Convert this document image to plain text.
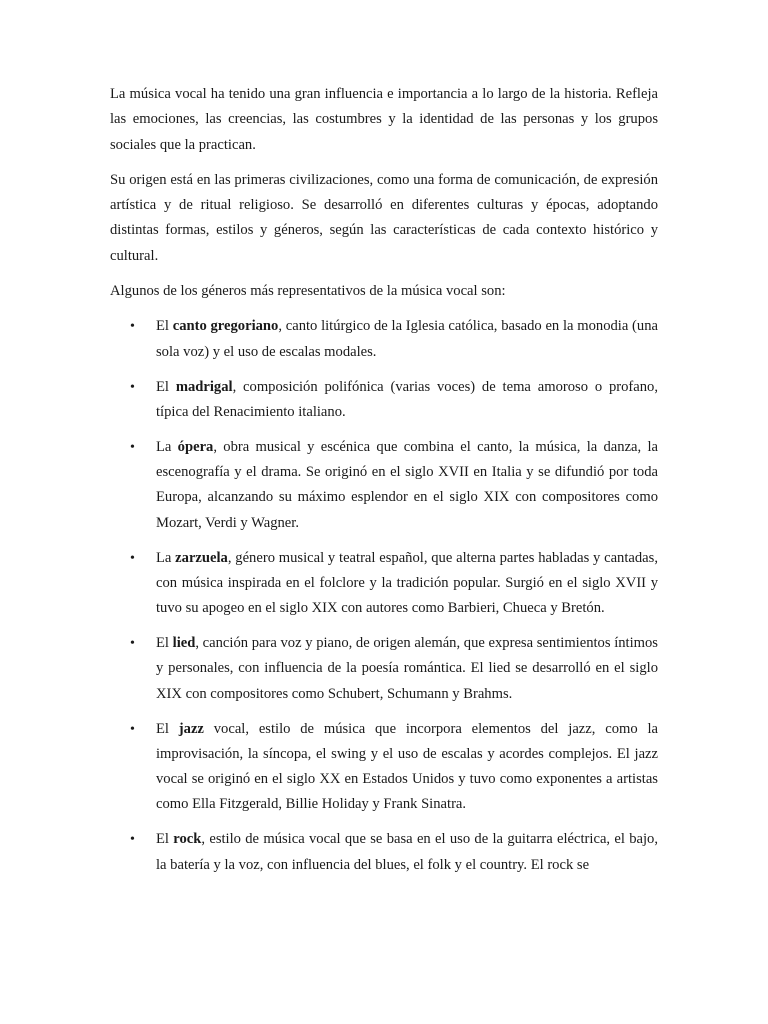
La música vocal ha tenido una gran influencia e importancia a lo largo de la historia. Refleja las emociones, las creencias, las costumbres y la identidad de las personas y los grupos sociales que la practican.

Su origen está en las primeras civilizaciones, como una forma de comunicación, de expresión artística y de ritual religioso. Se desarrolló en diferentes culturas y épocas, adoptando distintas formas, estilos y géneros, según las características de cada contexto histórico y cultural.

Algunos de los géneros más representativos de la música vocal son:

•	El canto gregoriano, canto litúrgico de la Iglesia católica, basado en la monodia (una sola voz) y el uso de escalas modales.
•	El madrigal, composición polifónica (varias voces) de tema amoroso o profano, típica del Renacimiento italiano.
•	La ópera, obra musical y escénica que combina el canto, la música, la danza, la escenografía y el drama. Se originó en el siglo XVII en Italia y se difundió por toda Europa, alcanzando su máximo esplendor en el siglo XIX con compositores como Mozart, Verdi y Wagner.
•	La zarzuela, género musical y teatral español, que alterna partes habladas y cantadas, con música inspirada en el folclore y la tradición popular. Surgió en el siglo XVII y tuvo su apogeo en el siglo XIX con autores como Barbieri, Chueca y Bretón.
•	El lied, canción para voz y piano, de origen alemán, que expresa sentimientos íntimos y personales, con influencia de la poesía romántica. El lied se desarrolló en el siglo XIX con compositores como Schubert, Schumann y Brahms.
•	El jazz vocal, estilo de música que incorpora elementos del jazz, como la improvisación, la síncopa, el swing y el uso de escalas y acordes complejos. El jazz vocal se originó en el siglo XX en Estados Unidos y tuvo como exponentes a artistas como Ella Fitzgerald, Billie Holiday y Frank Sinatra.
•	El rock, estilo de música vocal que se basa en el uso de la guitarra eléctrica, el bajo, la batería y la voz, con influencia del blues, el folk y el country. El rock se
